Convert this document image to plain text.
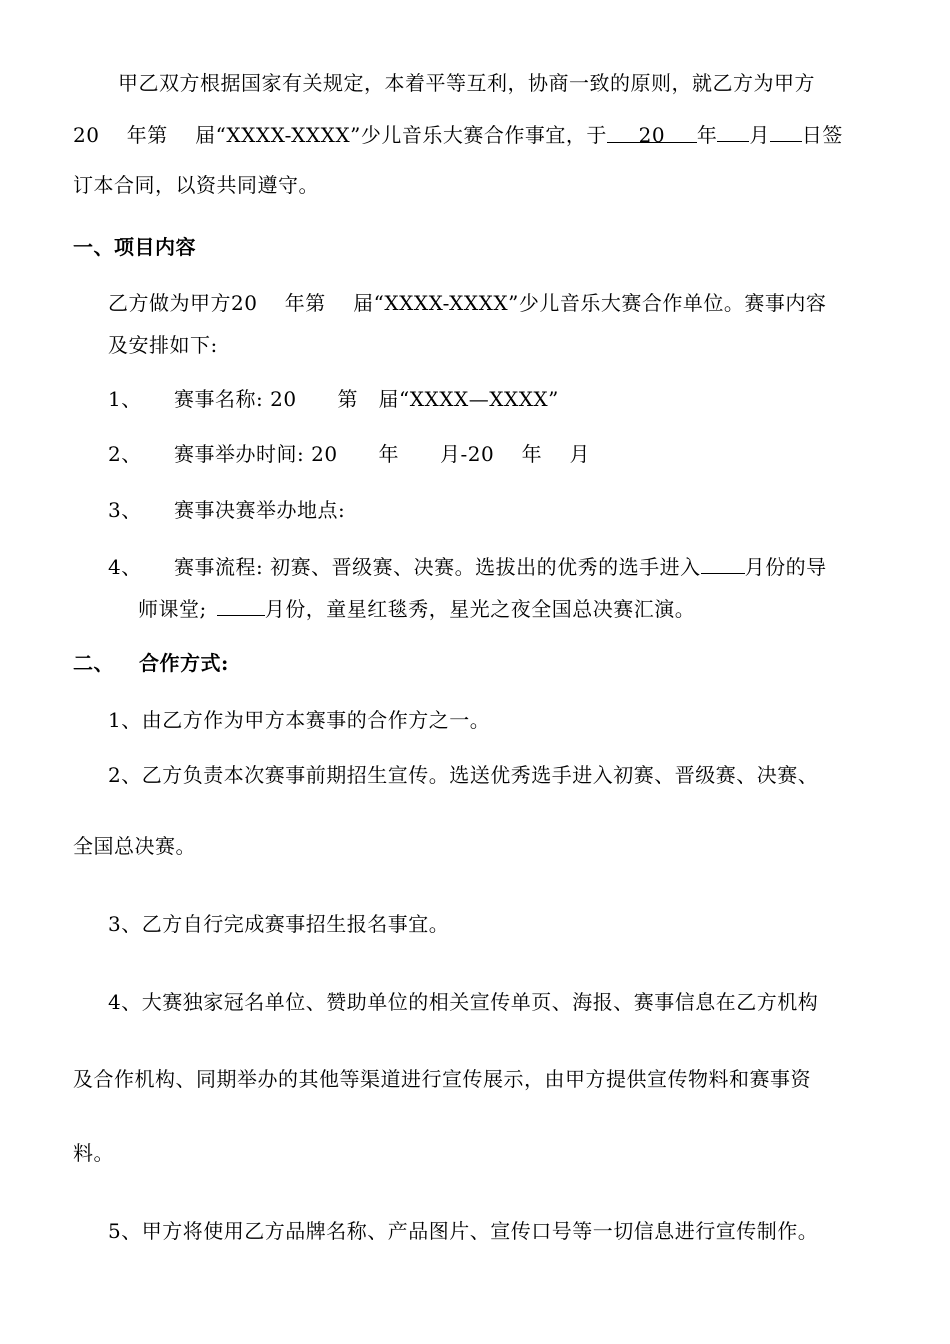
甲乙双方根据国家有关规定，本着平等互利，协商一致的原则，就乙方为甲方
20　 年第　 届“XXXX-XXXX”少儿音乐大赛合作事宜，于 20 年 月 日签
订本合同，以资共同遵守。
一、项目内容
乙方做为甲方20　 年第　 届“XXXX-XXXX”少儿音乐大赛合作单位。赛事内容
及安排如下:
1、 赛事名称: 20　　第　届“XXXX—XXXX”
2、 赛事举办时间: 20　　年　　月-20　 年　 月
3、 赛事决赛举办地点:
4、 赛事流程: 初赛、晋级赛、决赛。选拔出的优秀的选手进入 月份的导
师课堂;	月份，童星红毯秀，星光之夜全国总决赛汇演。
二、 合作方式:
1、由乙方作为甲方本赛事的合作方之一。
2、乙方负责本次赛事前期招生宣传。选送优秀选手进入初赛、晋级赛、决赛、
全国总决赛。
3、乙方自行完成赛事招生报名事宜。
4、大赛独家冠名单位、赞助单位的相关宣传单页、海报、赛事信息在乙方机构
及合作机构、同期举办的其他等渠道进行宣传展示，由甲方提供宣传物料和赛事资
料。
5、甲方将使用乙方品牌名称、产品图片、宣传口号等一切信息进行宣传制作。
